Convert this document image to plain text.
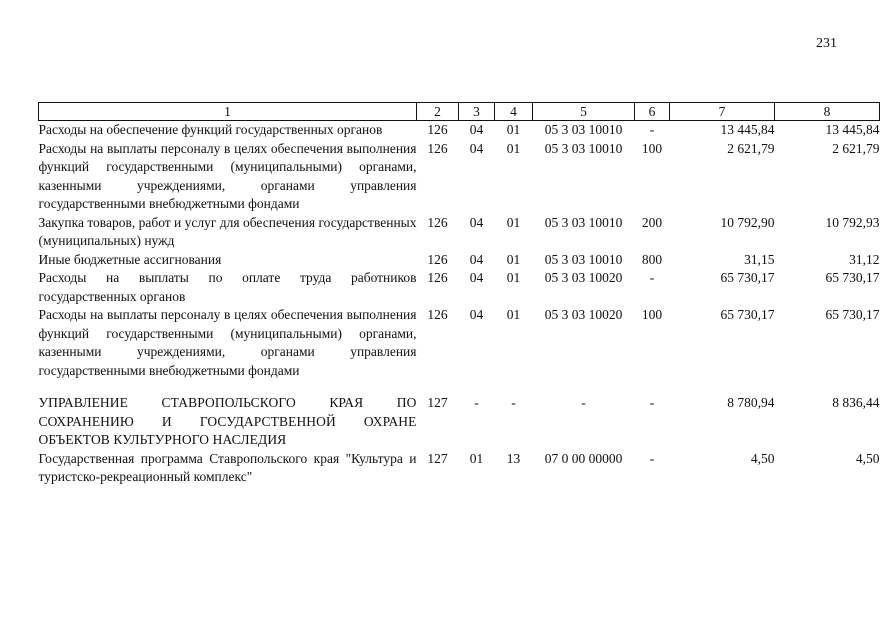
231
1	2	3	4	5	6	7	8
Расходы на обеспечение функций государственных органов	126	04	01	05 3 03 10010	-	13 445,84	13 445,84
Расходы на выплаты персоналу в целях обеспечения выполнения функций государственными (муниципальными) органами, казенными учреждениями, органами управления государственными внебюджетными фондами	126	04	01	05 3 03 10010	100	2 621,79	2 621,79
Закупка товаров, работ и услуг для обеспечения государственных (муниципальных) нужд	126	04	01	05 3 03 10010	200	10 792,90	10 792,93
Иные бюджетные ассигнования	126	04	01	05 3 03 10010	800	31,15	31,12
Расходы на выплаты по оплате труда работников государственных органов	126	04	01	05 3 03 10020	-	65 730,17	65 730,17
Расходы на выплаты персоналу в целях обеспечения выполнения функций государственными (муниципальными) органами, казенными учреждениями, органами управления государственными внебюджетными фондами	126	04	01	05 3 03 10020	100	65 730,17	65 730,17
УПРАВЛЕНИЕ СТАВРОПОЛЬСКОГО КРАЯ ПО СОХРАНЕНИЮ И ГОСУДАРСТВЕННОЙ ОХРАНЕ ОБЪЕКТОВ КУЛЬТУРНОГО НАСЛЕДИЯ	127	-	-	-	-	8 780,94	8 836,44
Государственная программа Ставропольского края "Культура и туристско-рекреационный комплекс"	127	01	13	07 0 00 00000	-	4,50	4,50
